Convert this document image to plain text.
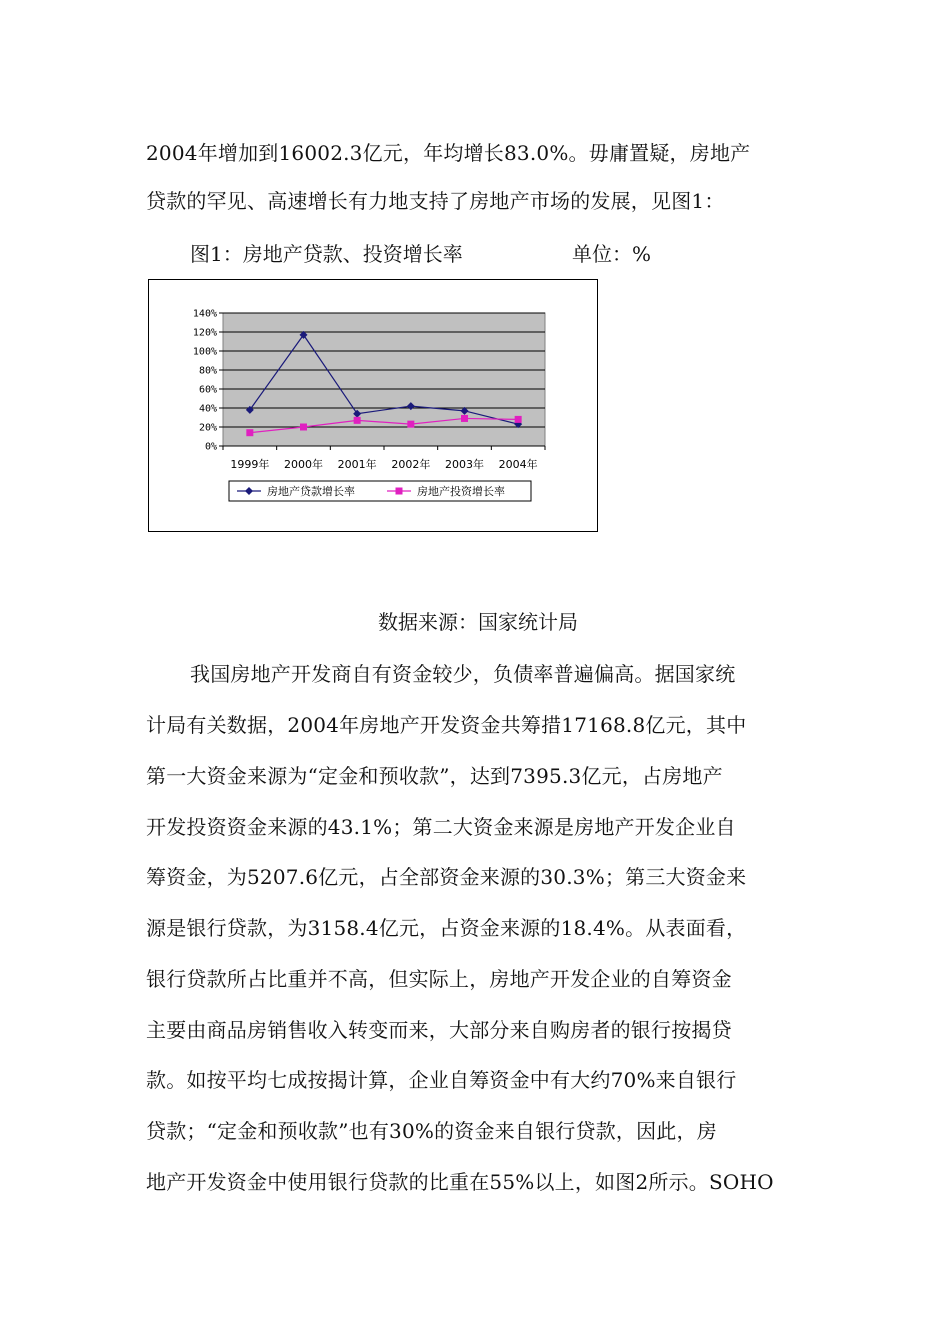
2004年增加到16002.3亿元，年均增长83.0%。毋庸置疑，房地产
贷款的罕见、高速增长有力地支持了房地产市场的发展，见图1：
图1：房地产贷款、投资增长率	单位：%
0%
20%
40%
60%
80%
100%
120%
140%
1999年 2000年 2001年 2002年 2003年 2004年
房地产贷款增长率	房地产投资增长率
数据来源：国家统计局
我国房地产开发商自有资金较少，负债率普遍偏高。据国家统
计局有关数据，2004年房地产开发资金共筹措17168.8亿元，其中
第一大资金来源为“定金和预收款”，达到7395.3亿元，占房地产
开发投资资金来源的43.1%；第二大资金来源是房地产开发企业自
筹资金，为5207.6亿元，占全部资金来源的30.3%；第三大资金来
源是银行贷款，为3158.4亿元，占资金来源的18.4%。从表面看，
银行贷款所占比重并不高，但实际上，房地产开发企业的自筹资金
主要由商品房销售收入转变而来，大部分来自购房者的银行按揭贷
款。如按平均七成按揭计算，企业自筹资金中有大约70%来自银行
贷款；“定金和预收款”也有30%的资金来自银行贷款，因此，房
地产开发资金中使用银行贷款的比重在55%以上，如图2所示。SOHO
